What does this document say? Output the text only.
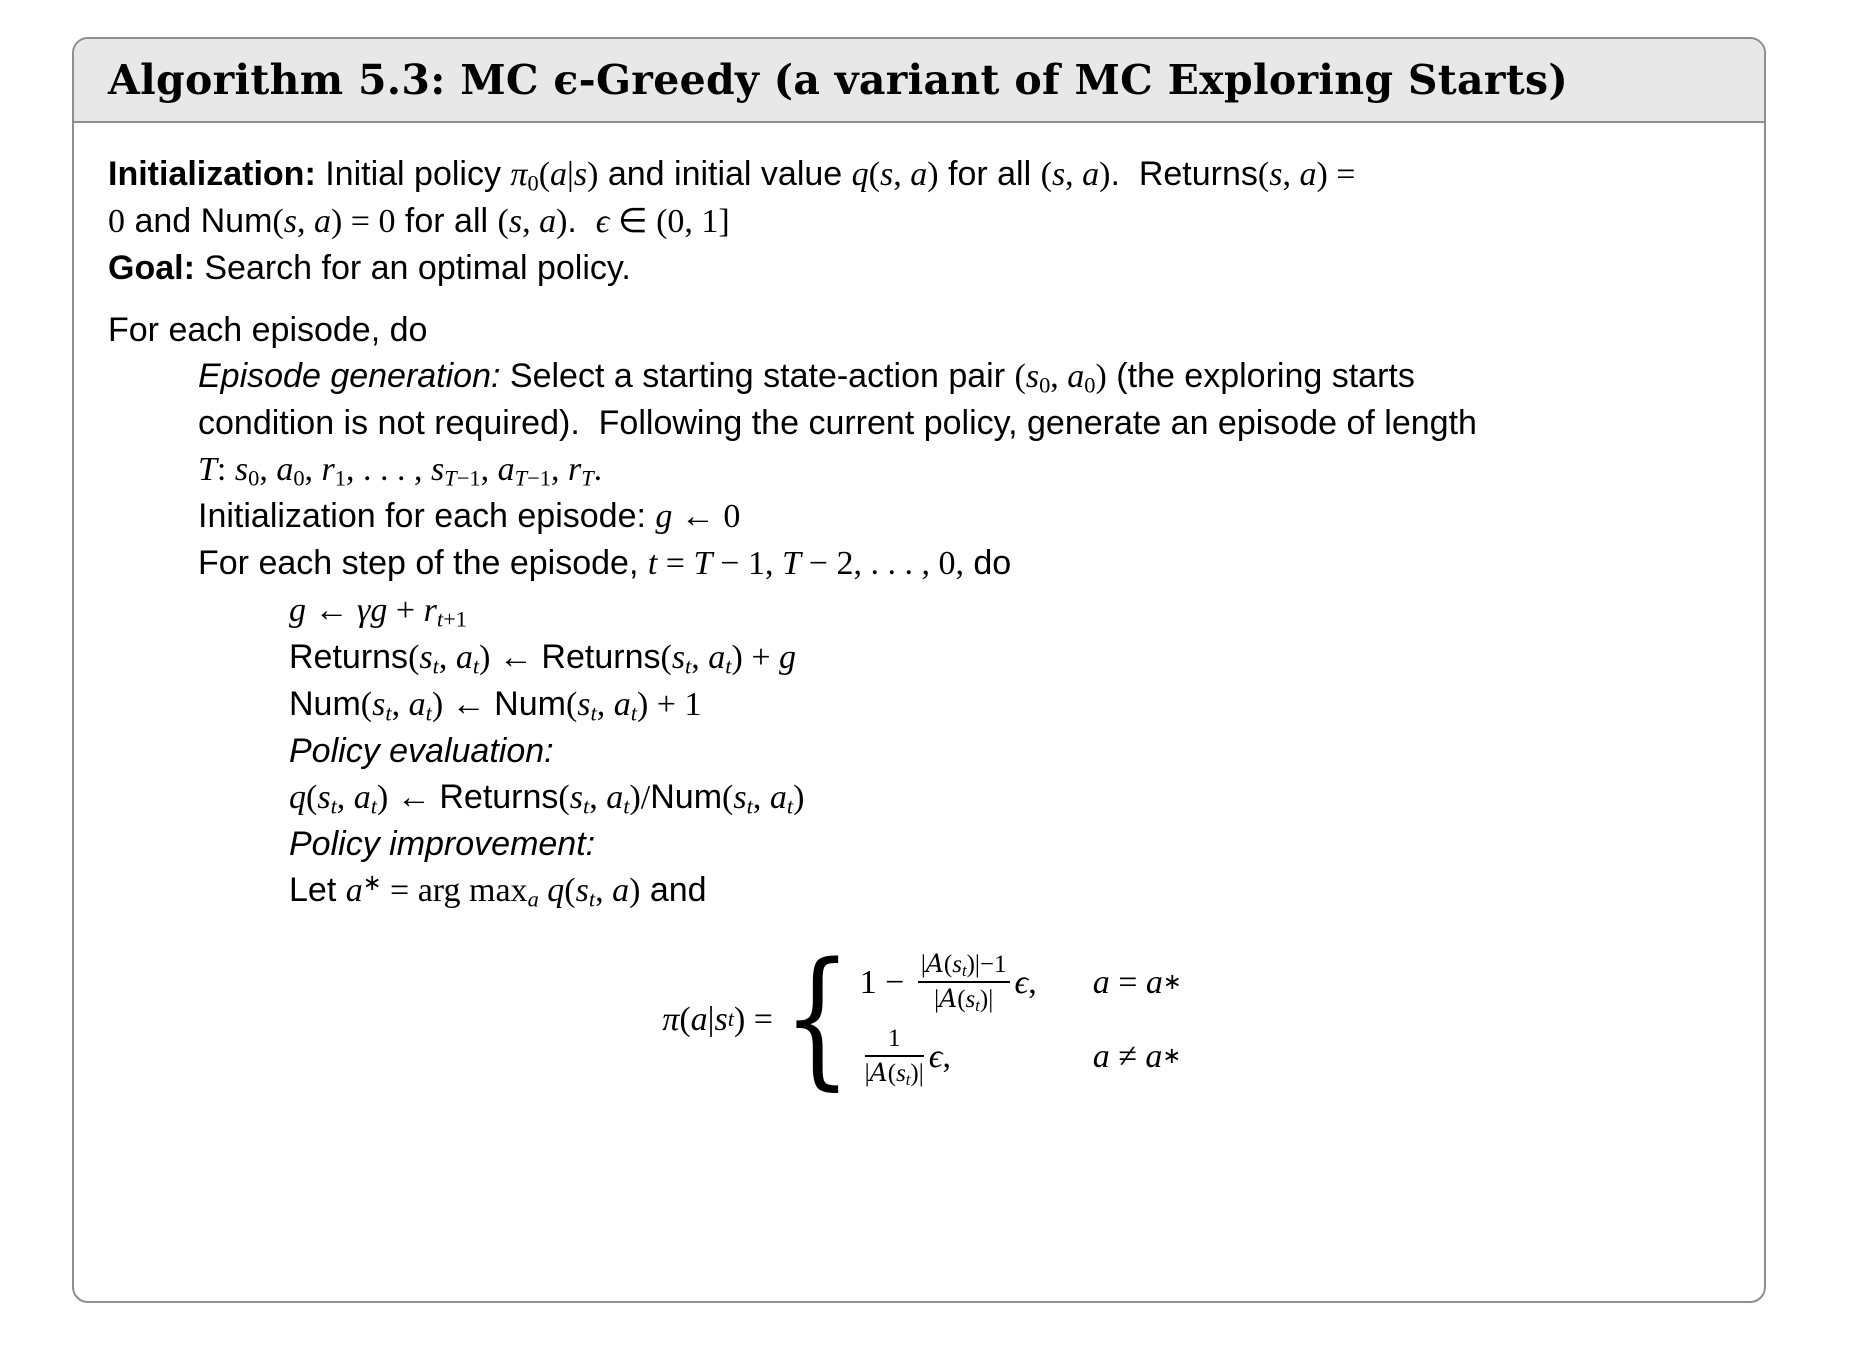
Algorithm 5.3: MC ϵ-Greedy (a variant of MC Exploring Starts)
Initialization: Initial policy $\pi_0(a|s)$ and initial value q(s, a) for all (s, a).  Returns(s, a) =
0 and Num(s, a) = 0 for all (s, a).  ϵ ∈ (0, 1]
Goal: Search for an optimal policy.
For each episode, do
Episode generation: Select a starting state-action pair ($s_0$, $a_0$) (the exploring starts
condition is not required).  Following the current policy, generate an episode of length
T: $s_0$, $a_0$, $r_1$, . . . , $s_{T-1}$, $a_{T-1}$, $r_T$.
Initialization for each episode: g ← 0
For each step of the episode, t = T − 1, T − 2, . . . , 0, do
g ← $\gamma g + r_{t+1}$
$Returns(s_t$, $a_t$) ← $Returns(s_t$, $a_t) + g$
$Num(s_t$, $a_t$) ← $Num(s_t$, $a_t) + 1$
Policy evaluation:
$q(s_t$, $a_t$) ← $Returns(s_t$, $a_t)/Num(s_t$, $a_t$)
Policy improvement:
Let a∗ = arg $\max_a q(s_t$, a) and
π(a|s t ) = { $1 - \frac{|A(s_t)|-1}{|A(s_t)|} \epsilon$, a = a ∗
$\frac{1}{|A(s_t)|} \epsilon$,	a ≠ a ∗
